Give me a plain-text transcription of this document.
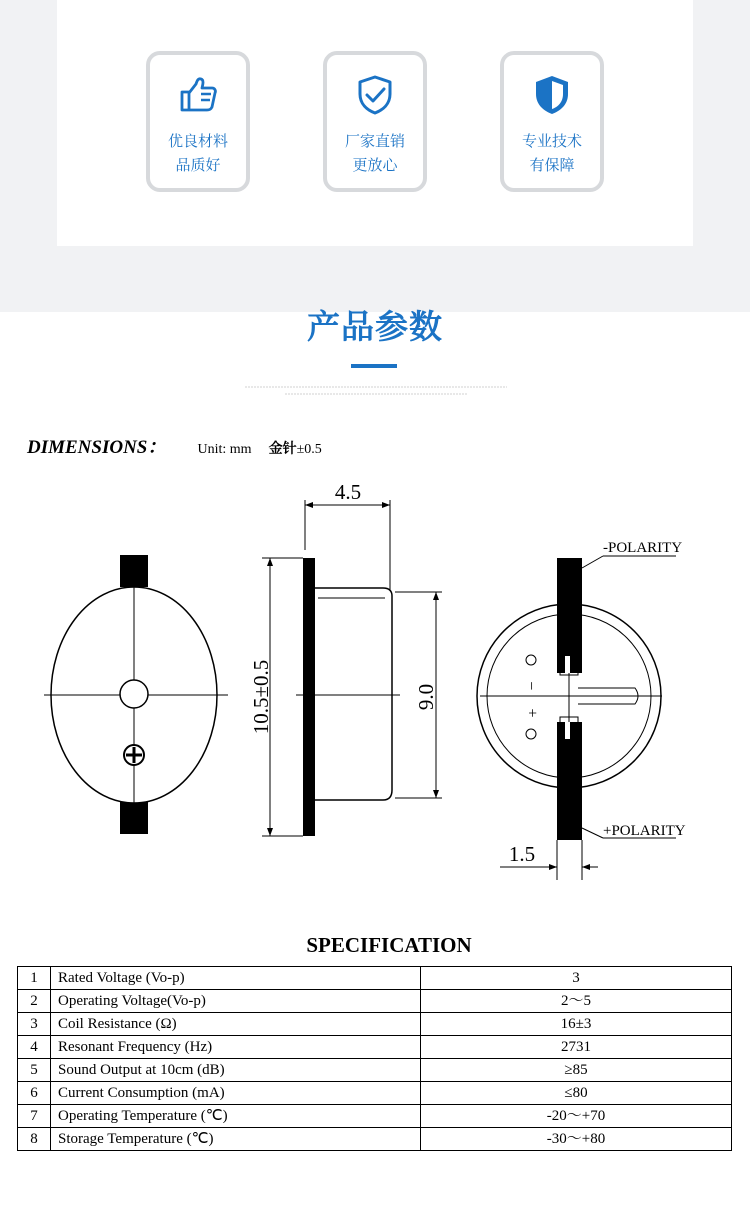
优良材料
品质好
厂家直销
更放心
专业技术
有保障
产品参数
DIMENSIONS： Unit: mm 金针±0.5
4.5
10.5±0.5	9.0	−
+
-POLARITY
+POLARITY
1.5
SPECIFICATION
1	Rated Voltage (Vo-p)	3
2	Operating Voltage(Vo-p)	2～5
3	Coil Resistance (Ω)	16±3
4	Resonant Frequency (Hz)	2731
5	Sound Output at 10cm (dB)	≥85
6	Current Consumption (mA)	≤80
7	Operating Temperature (℃)	-20～+70
8	Storage Temperature (℃)	-30～+80
